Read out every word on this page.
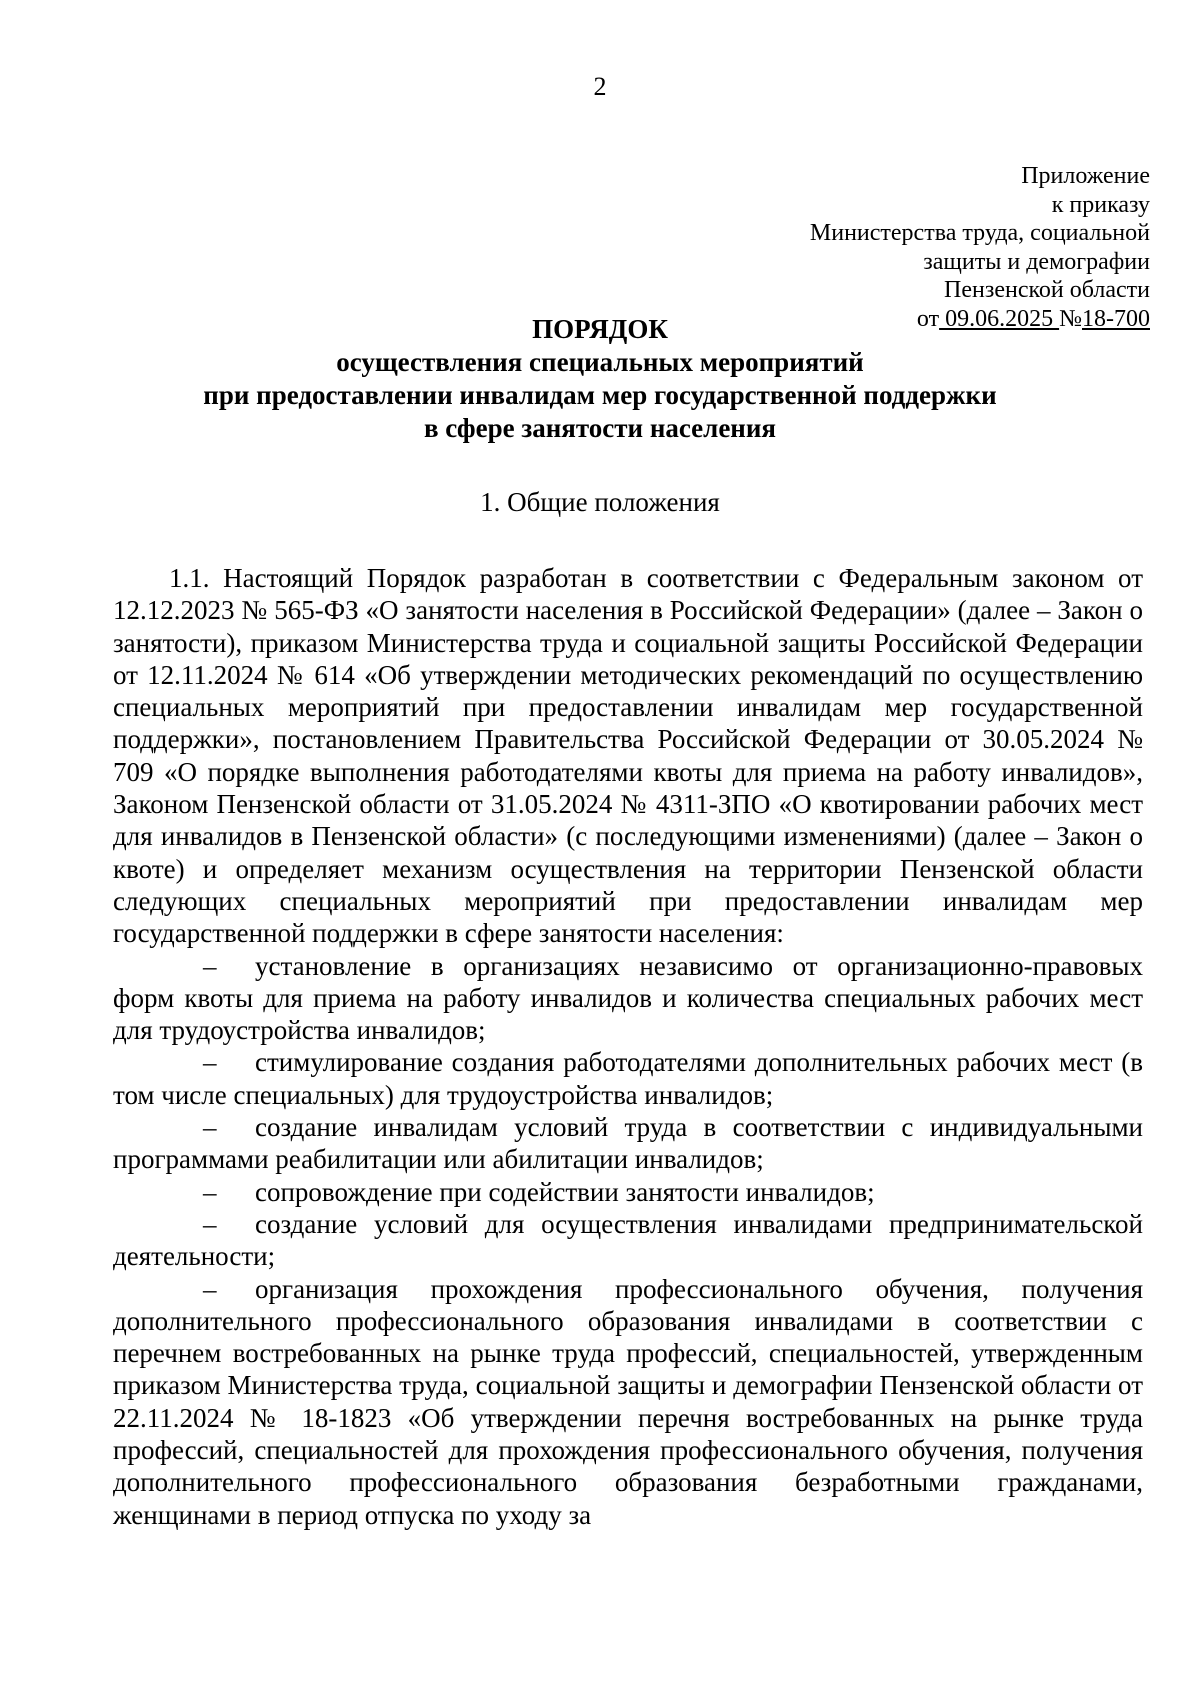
2
Приложение
к приказу
Министерства труда, социальной
защиты и демографии
Пензенской области
от 09.06.2025 №18-700
ПОРЯДОК
осуществления специальных мероприятий
при предоставлении инвалидам мер государственной поддержки
в сфере занятости населения
1. Общие положения

1.1. Настоящий Порядок разработан в соответствии с Федеральным законом от 12.12.2023 № 565-ФЗ «О занятости населения в Российской Федерации» (далее – Закон о занятости), приказом Министерства труда и социальной защиты Российской Федерации от 12.11.2024 № 614 «Об утверждении методических рекомендаций по осуществлению специальных мероприятий при предоставлении инвалидам мер государственной поддержки», постановлением Правительства Российской Федерации от 30.05.2024 № 709 «О порядке выполнения работодателями квоты для приема на работу инвалидов», Законом Пензенской области от 31.05.2024 № 4311-ЗПО «О квотировании рабочих мест для инвалидов в Пензенской области» (с последующими изменениями) (далее – Закон о квоте) и определяет механизм осуществления на территории Пензенской области следующих специальных мероприятий при предоставлении инвалидам мер государственной поддержки в сфере занятости населения:

– установление в организациях независимо от организационно-правовых форм квоты для приема на работу инвалидов и количества специальных рабочих мест для трудоустройства инвалидов;

– стимулирование создания работодателями дополнительных рабочих мест (в том числе специальных) для трудоустройства инвалидов;

– создание инвалидам условий труда в соответствии с индивидуальными программами реабилитации или абилитации инвалидов;

– сопровождение при содействии занятости инвалидов;

– создание условий для осуществления инвалидами предпринимательской деятельности;

– организация прохождения профессионального обучения, получения дополнительного профессионального образования инвалидами в соответствии с перечнем востребованных на рынке труда профессий, специальностей, утвержденным приказом Министерства труда, социальной защиты и демографии Пензенской области от 22.11.2024 № 18-1823 «Об утверждении перечня востребованных на рынке труда профессий, специальностей для прохождения профессионального обучения, получения дополнительного профессионального образования безработными гражданами, женщинами в период отпуска по уходу за
